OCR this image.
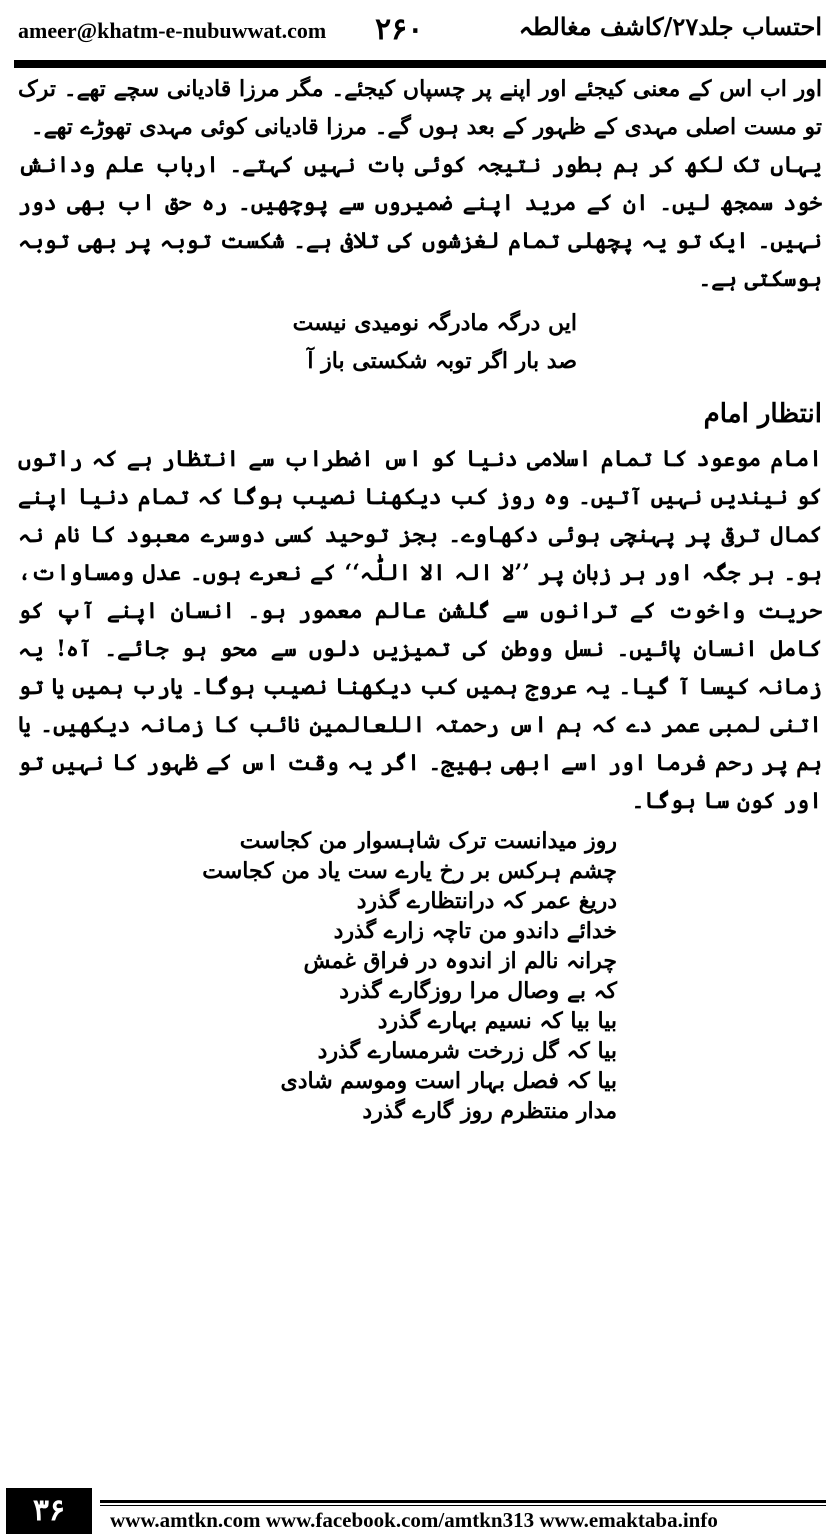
ameer@khatm-e-nubuwwat.com ۲۶۰	احتساب جلد۲۷/کاشف مغالطہ

اور اب اس کے معنی کیجئے اور اپنے پر چسپاں کیجئے۔ مگر مرزا قادیانی سچے تھے۔ ترک تو مست اصلی مہدی کے ظہور کے بعد ہوں گے۔ مرزا قادیانی کوئی مہدی تھوڑے تھے۔

یہاں تک لکھ کر ہم بطور نتیجہ کوئی بات نہیں کہتے۔ ارباب علم ودانش خود سمجھ لیں۔ ان کے مرید اپنے ضمیروں سے پوچھیں۔ رہ حق اب بھی دور نہیں۔ ایک تو یہ پچھلی تمام لغزشوں کی تلافی ہے۔ شکست توبہ پر بھی توبہ ہوسکتی ہے۔

ایں درگہ مادرگہ نومیدی نیست
صد بار اگر توبہ شکستی باز آ
انتظار امام

امام موعود کا تمام اسلامی دنیا کو اس اضطراب سے انتظار ہے کہ راتوں کو نیندیں نہیں آتیں۔ وہ روز کب دیکھنا نصیب ہوگا کہ تمام دنیا اپنے کمال ترقی پر پہنچی ہوئی دکھاوے۔ بجز توحید کسی دوسرے معبود کا نام نہ ہو۔ ہر جگہ اور ہر زبان پر ’’لا الہ الا اللّٰہ‘‘ کے نعرے ہوں۔ عدل ومساوات، حریت واخوت کے ترانوں سے گلشن عالم معمور ہو۔ انسان اپنے آپ کو کامل انسان پائیں۔ نسل ووطن کی تمیزیں دلوں سے محو ہو جائے۔ آہ! یہ زمانہ کیسا آ گیا۔ یہ عروج ہمیں کب دیکھنا نصیب ہوگا۔ یارب ہمیں یا تو اتنی لمبی عمر دے کہ ہم اس رحمتہ اللعالمین نائب کا زمانہ دیکھیں۔ یا ہم پر رحم فرما اور اسے ابھی بھیج۔ اگر یہ وقت اس کے ظہور کا نہیں تو اور کون سا ہوگا۔

روز میدانست ترک شاہسوار من کجاست
چشم ہرکس بر رخ یارے ست یاد من کجاست
دریغ عمر کہ درانتظارے گذرد
خدائے داندو من تاچہ زارے گذرد
چرانہ نالم از اندوہ در فراق غمش
کہ بے وصال مرا روزگارے گذرد
بیا بیا کہ نسیم بہارے گذرد
بیا کہ گل زرخت شرمسارے گذرد
بیا کہ فصل بہار است وموسم شادی
مدار منتظرم روز گارے گذرد
۳۶	www.amtkn.com www.facebook.com/amtkn313 www.emaktaba.info
